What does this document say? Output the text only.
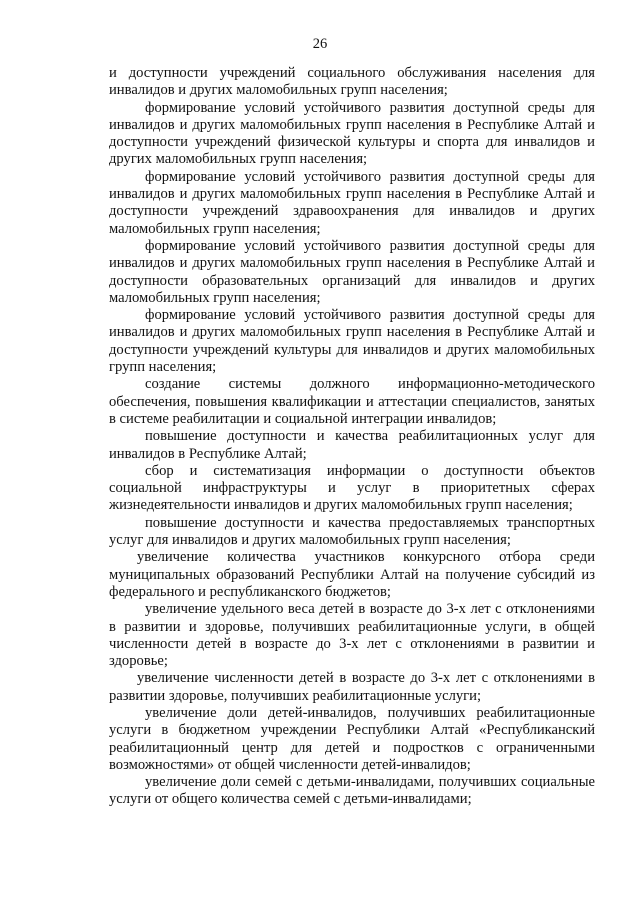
26

и доступности учреждений социального обслуживания населения для инвалидов и других маломобильных групп населения;

формирование условий устойчивого развития доступной среды для инвалидов и других маломобильных групп населения в Республике Алтай и доступности учреждений физической культуры и спорта для инвалидов и других маломобильных групп населения;

формирование условий устойчивого развития доступной среды для инвалидов и других маломобильных групп населения в Республике Алтай и доступности учреждений здравоохранения для инвалидов и других маломобильных групп населения;

формирование условий устойчивого развития доступной среды для инвалидов и других маломобильных групп населения в Республике Алтай и доступности образовательных организаций для инвалидов и других маломобильных групп населения;

формирование условий устойчивого развития доступной среды для инвалидов и других маломобильных групп населения в Республике Алтай и доступности учреждений культуры для инвалидов и других маломобильных групп населения;

создание системы должного информационно-методического обеспечения, повышения квалификации и аттестации специалистов, занятых в системе реабилитации и социальной интеграции инвалидов;

повышение доступности и качества реабилитационных услуг для инвалидов в Республике Алтай;

сбор и систематизация информации о доступности объектов социальной инфраструктуры и услуг в приоритетных сферах жизнедеятельности инвалидов и других маломобильных групп населения;

повышение доступности и качества предоставляемых транспортных услуг для инвалидов и других маломобильных групп населения;

увеличение количества участников конкурсного отбора среди муниципальных образований Республики Алтай на получение субсидий из федерального и республиканского бюджетов;

увеличение удельного веса детей в возрасте до 3-х лет с отклонениями в развитии и здоровье, получивших реабилитационные услуги, в общей численности детей в возрасте до 3-х лет с отклонениями в развитии и здоровье;

увеличение численности детей в возрасте до 3-х лет с отклонениями в развитии здоровье, получивших реабилитационные услуги;

увеличение доли детей-инвалидов, получивших реабилитационные услуги в бюджетном учреждении Республики Алтай «Республиканский реабилитационный центр для детей и подростков с ограниченными возможностями» от общей численности детей-инвалидов;

увеличение доли семей с детьми-инвалидами, получивших социальные услуги от общего количества семей с детьми-инвалидами;
